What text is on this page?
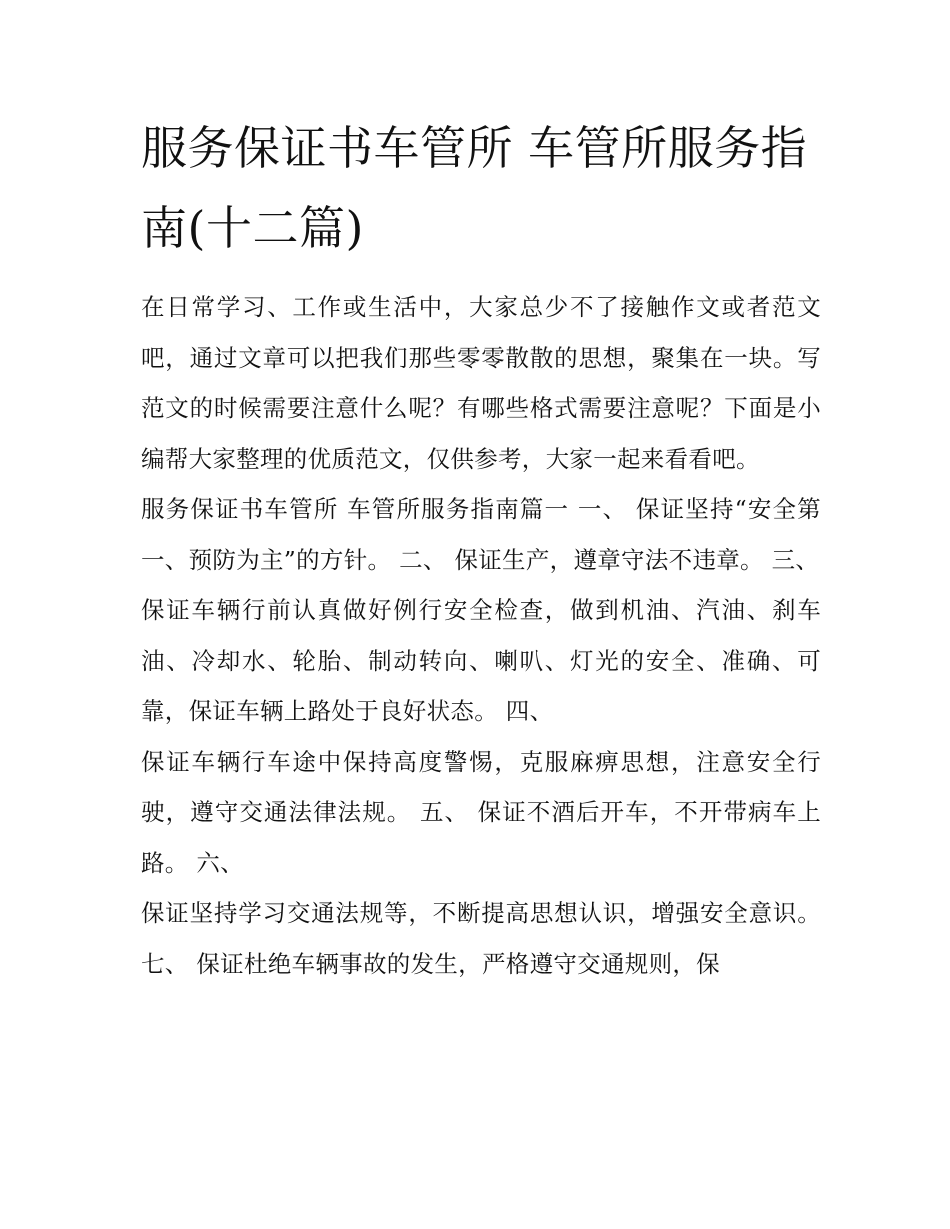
服务保证书车管所 车管所服务指南(十二篇)

在日常学习、工作或生活中，大家总少不了接触作文或者范文吧，通过文章可以把我们那些零零散散的思想，聚集在一块。写范文的时候需要注意什么呢？有哪些格式需要注意呢？下面是小编帮大家整理的优质范文，仅供参考，大家一起来看看吧。

服务保证书车管所 车管所服务指南篇一 一、 保证坚持“安全第一、预防为主”的方针。 二、 保证生产，遵章守法不违章。 三、

保证车辆行前认真做好例行安全检查，做到机油、汽油、刹车油、冷却水、轮胎、制动转向、喇叭、灯光的安全、准确、可靠，保证车辆上路处于良好状态。 四、

保证车辆行车途中保持高度警惕，克服麻痹思想，注意安全行驶，遵守交通法律法规。 五、 保证不酒后开车，不开带病车上路。 六、

保证坚持学习交通法规等，不断提高思想认识，增强安全意识。 七、 保证杜绝车辆事故的发生，严格遵守交通规则，保
